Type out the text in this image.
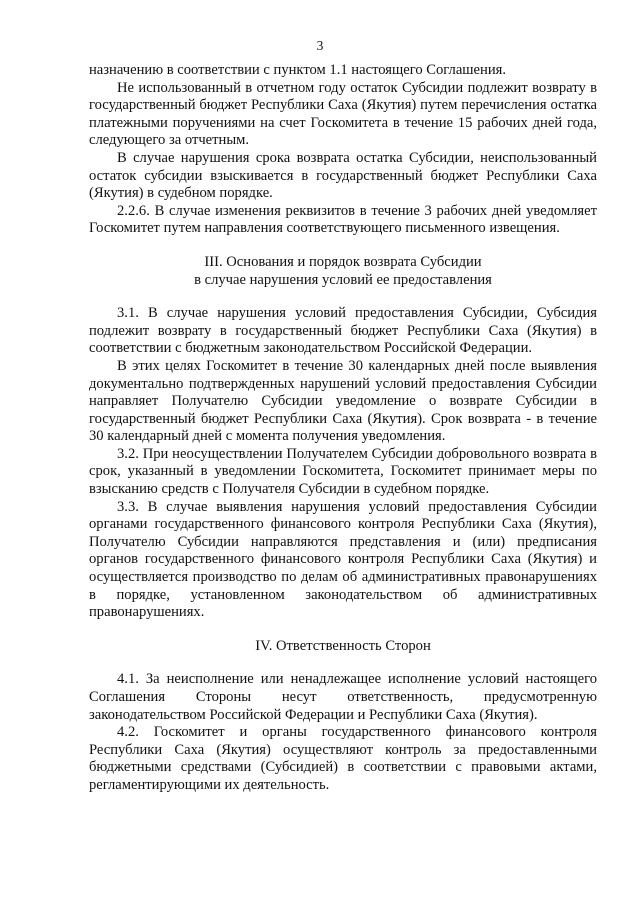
3

назначению в соответствии с пунктом 1.1 настоящего Соглашения.

Не использованный в отчетном году остаток Субсидии подлежит возврату в государственный бюджет Республики Саха (Якутия) путем перечисления остатка платежными поручениями на счет Госкомитета в течение 15 рабочих дней года, следующего за отчетным.

В случае нарушения срока возврата остатка Субсидии, неиспользованный остаток субсидии взыскивается в государственный бюджет Республики Саха (Якутия) в судебном порядке.

2.2.6. В случае изменения реквизитов в течение 3 рабочих дней уведомляет Госкомитет путем направления соответствующего письменного извещения.

III. Основания и порядок возврата Субсидии
в случае нарушения условий ее предоставления

3.1. В случае нарушения условий предоставления Субсидии, Субсидия подлежит возврату в государственный бюджет Республики Саха (Якутия) в соответствии с бюджетным законодательством Российской Федерации.

В этих целях Госкомитет в течение 30 календарных дней после выявления документально подтвержденных нарушений условий предоставления Субсидии направляет Получателю Субсидии уведомление о возврате Субсидии в государственный бюджет Республики Саха (Якутия). Срок возврата - в течение 30 календарный дней с момента получения уведомления.

3.2. При неосуществлении Получателем Субсидии добровольного возврата в срок, указанный в уведомлении Госкомитета, Госкомитет принимает меры по взысканию средств с Получателя Субсидии в судебном порядке.

3.3. В случае выявления нарушения условий предоставления Субсидии органами государственного финансового контроля Республики Саха (Якутия), Получателю Субсидии направляются представления и (или) предписания органов государственного финансового контроля Республики Саха (Якутия) и осуществляется производство по делам об административных правонарушениях в порядке, установленном законодательством об административных правонарушениях.

IV. Ответственность Сторон

4.1. За неисполнение или ненадлежащее исполнение условий настоящего Соглашения Стороны несут ответственность, предусмотренную законодательством Российской Федерации и Республики Саха (Якутия).

4.2. Госкомитет и органы государственного финансового контроля Республики Саха (Якутия) осуществляют контроль за предоставленными бюджетными средствами (Субсидией) в соответствии с правовыми актами, регламентирующими их деятельность.
